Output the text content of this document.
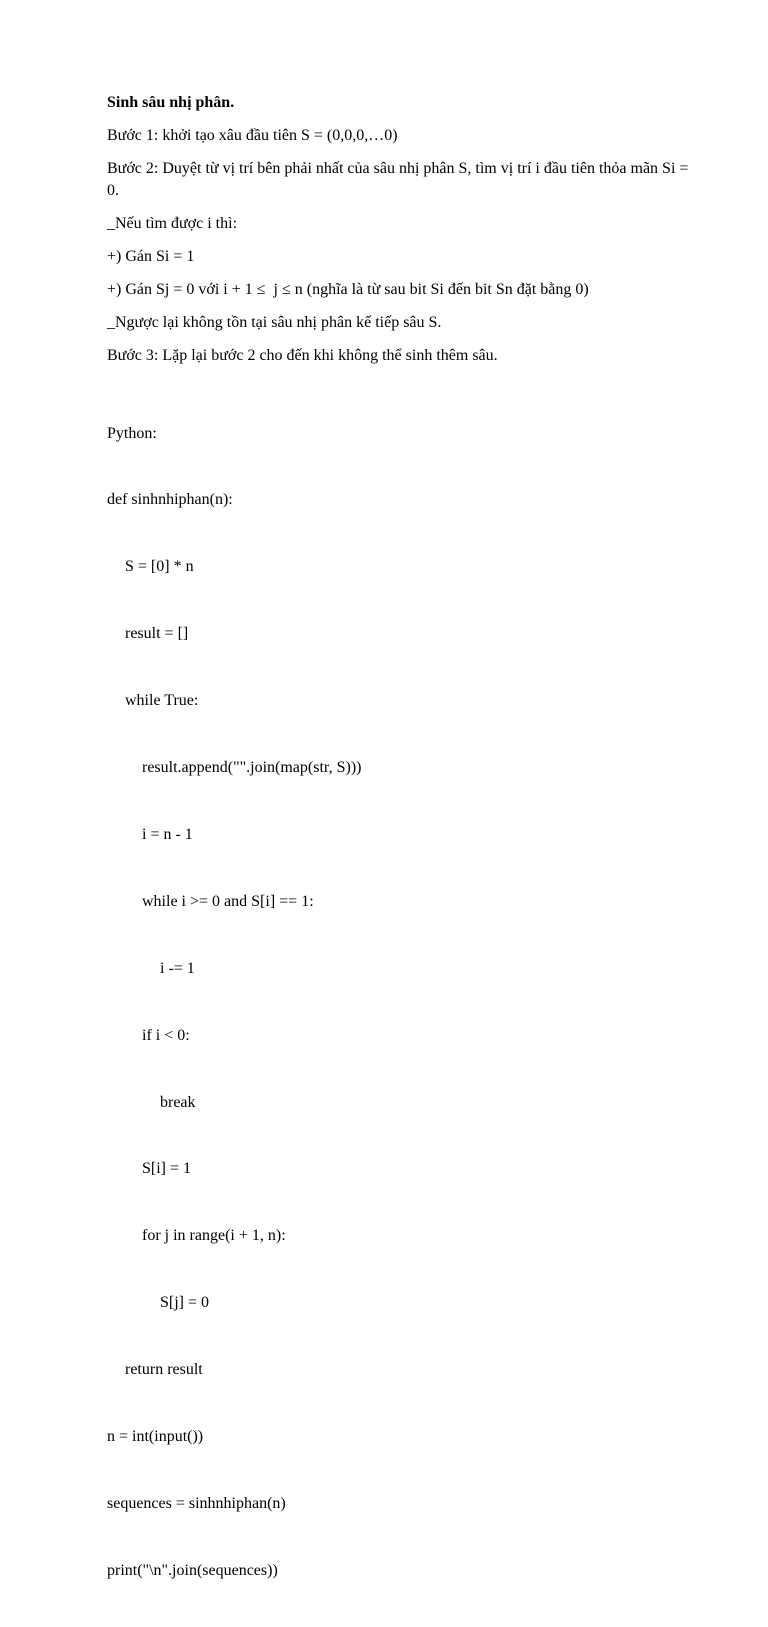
Sinh sâu nhị phân.

Bước 1: khởi tạo xâu đầu tiên S = (0,0,0,…0)

Bước 2: Duyệt từ vị trí bên phải nhất của sâu nhị phân S, tìm vị trí i đầu tiên thỏa mãn Si = 0.

_Nếu tìm được i thì:

+) Gán Si = 1

+) Gán Sj = 0 với i + 1 ≤  j ≤ n (nghĩa là từ sau bit Si đến bit Sn đặt bằng 0)

_Ngược lại không tồn tại sâu nhị phân kế tiếp sâu S.

Bước 3: Lặp lại bước 2 cho đến khi không thể sinh thêm sâu.

Python:

def sinhnhiphan(n):

S = [0] * n

result = []

while True:

result.append("".join(map(str, S)))

i = n - 1

while i >= 0 and S[i] == 1:

i -= 1

if i < 0:

break

S[i] = 1

for j in range(i + 1, n):

S[j] = 0

return result

n = int(input())

sequences = sinhnhiphan(n)

print("\n".join(sequences))
